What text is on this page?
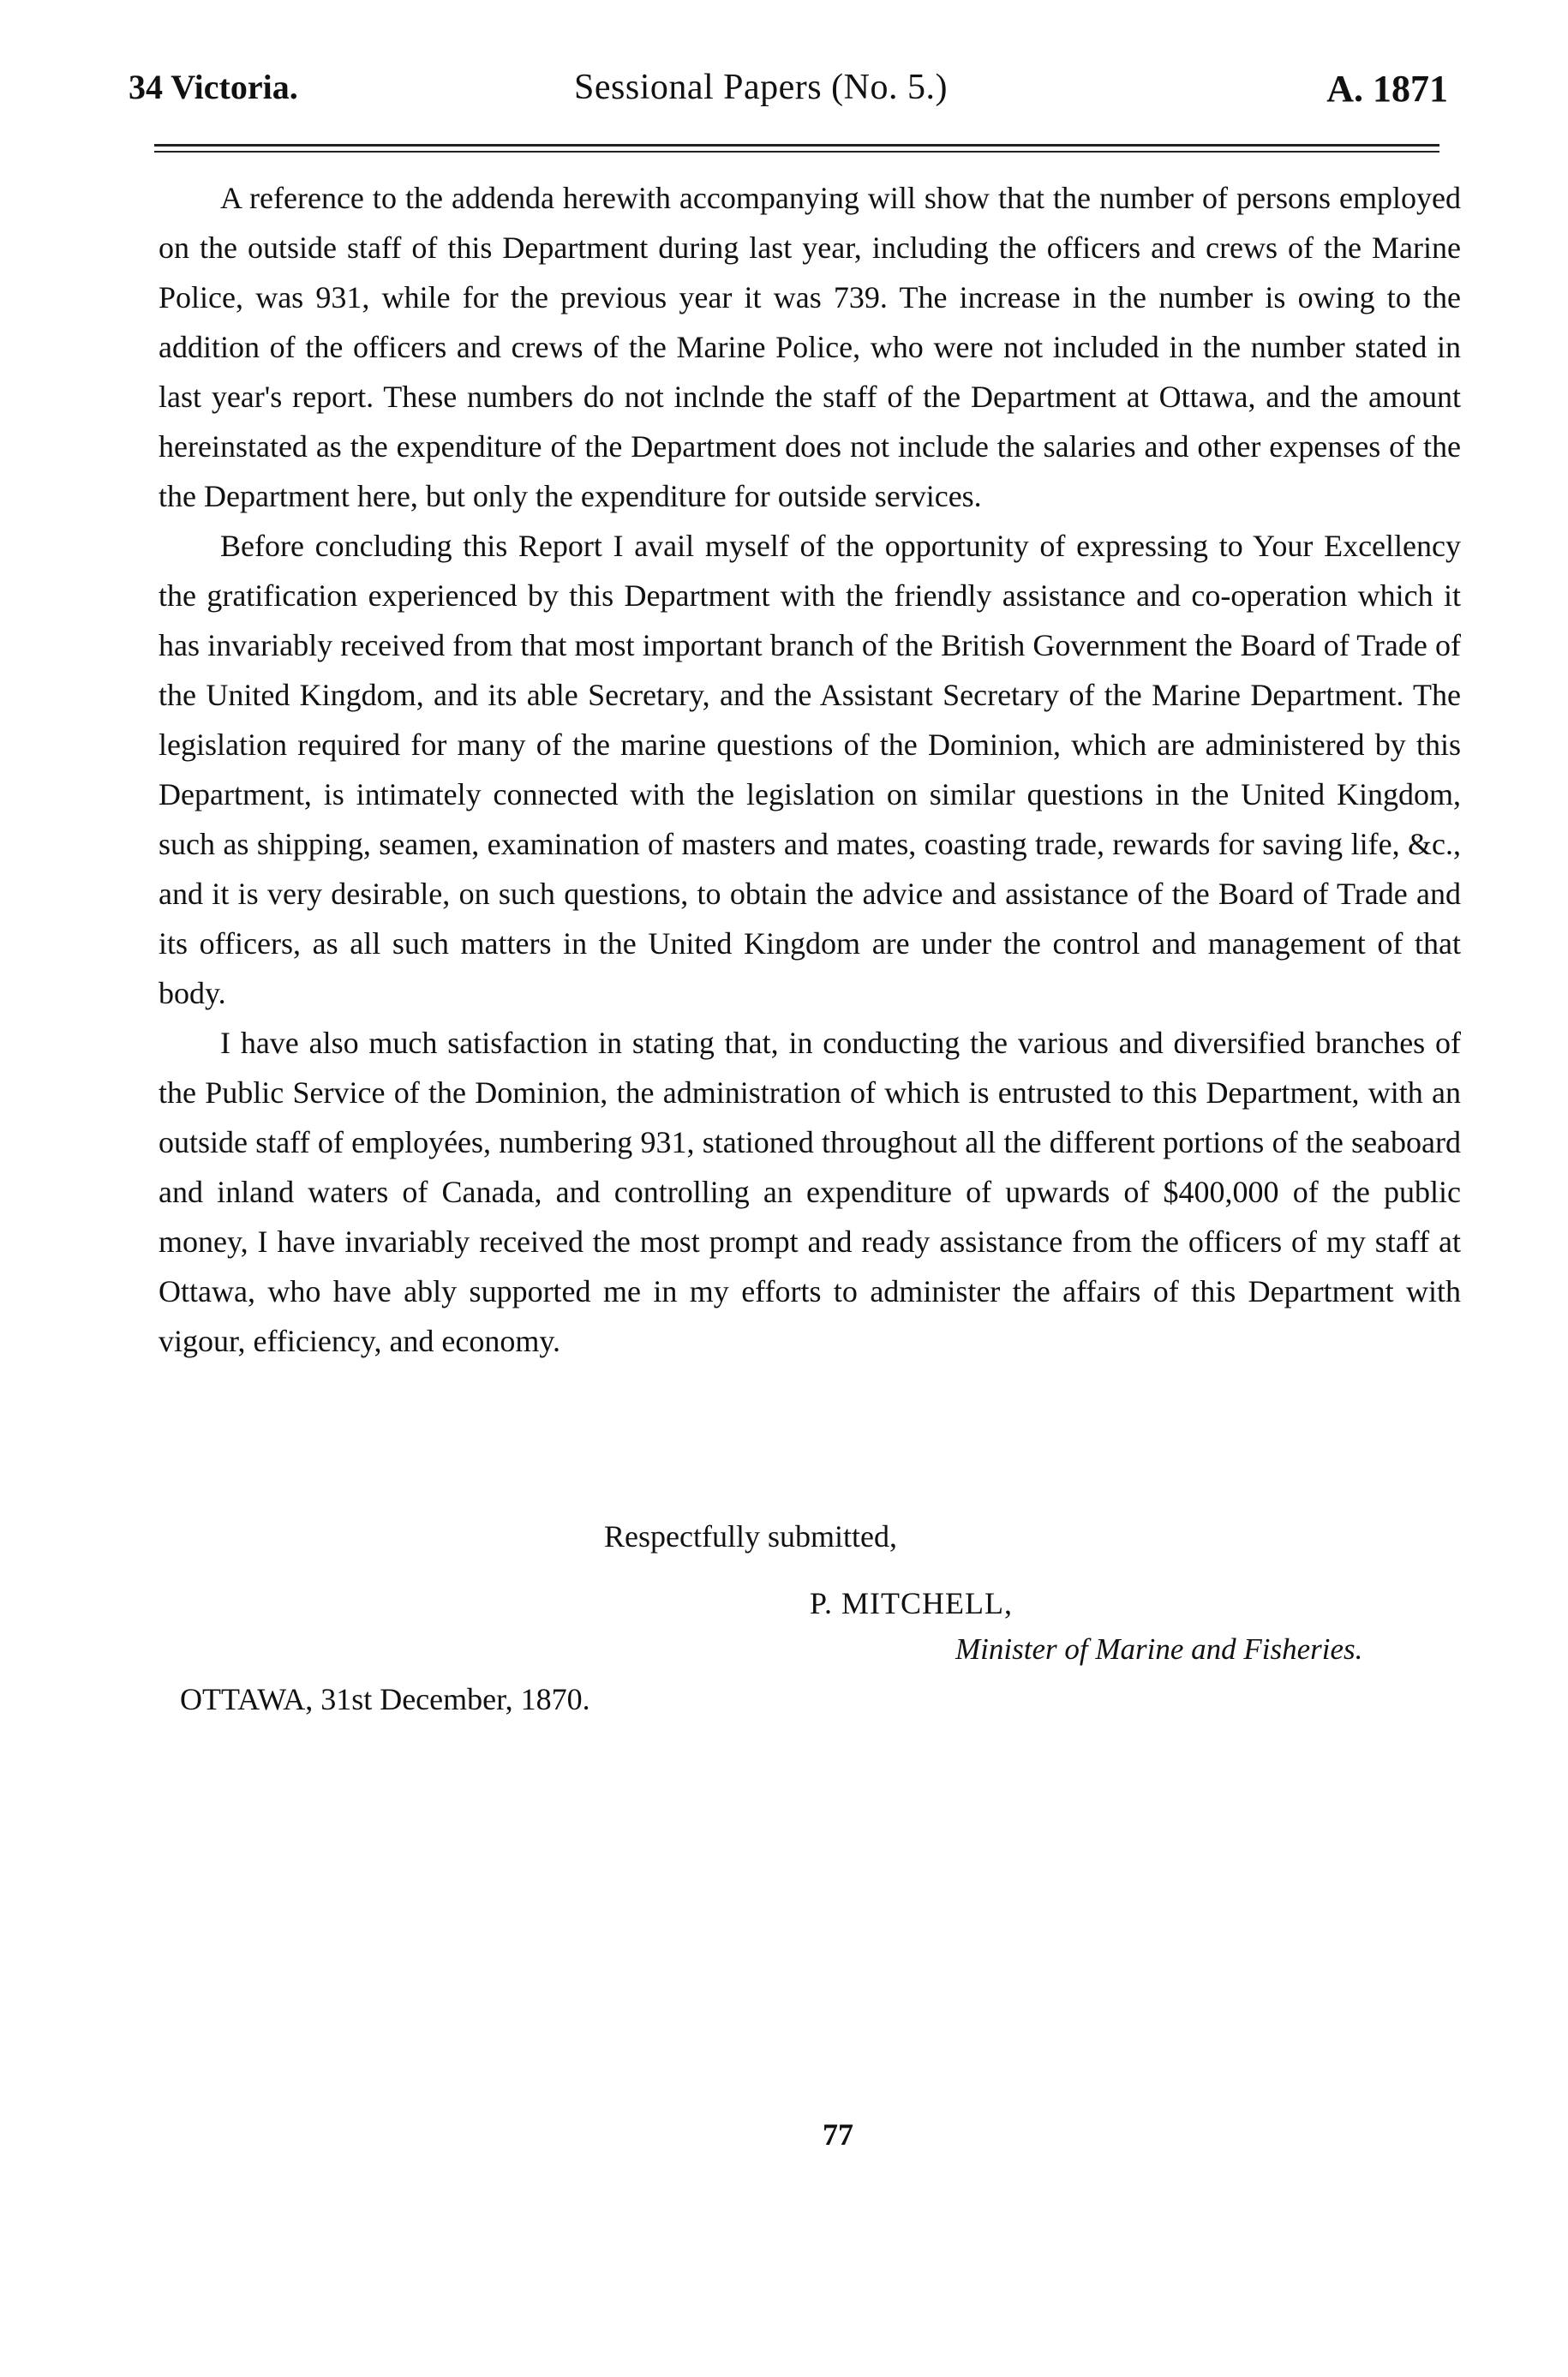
34 Victoria.	Sessional Papers (No. 5.)	A. 1871

A reference to the addenda herewith accompanying will show that the number of persons employed on the outside staff of this Department during last year, including the officers and crews of the Marine Police, was 931, while for the previous year it was 739. The increase in the number is owing to the addition of the officers and crews of the Marine Police, who were not included in the number stated in last year's report. These numbers do not inclnde the staff of the Department at Ottawa, and the amount hereinstated as the expenditure of the Department does not include the salaries and other expenses of the the Department here, but only the expenditure for outside services.

Before concluding this Report I avail myself of the opportunity of expressing to Your Excellency the gratification experienced by this Department with the friendly assistance and co-operation which it has invariably received from that most important branch of the British Government the Board of Trade of the United Kingdom, and its able Secretary, and the Assistant Secretary of the Marine Department. The legislation required for many of the marine questions of the Dominion, which are administered by this Department, is intimately connected with the legislation on similar questions in the United Kingdom, such as shipping, seamen, examination of masters and mates, coasting trade, rewards for saving life, &c., and it is very desirable, on such questions, to obtain the advice and assistance of the Board of Trade and its officers, as all such matters in the United Kingdom are under the control and management of that body.

I have also much satisfaction in stating that, in conducting the various and diversified branches of the Public Service of the Dominion, the administration of which is entrusted to this Department, with an outside staff of employées, numbering 931, stationed throughout all the different portions of the seaboard and inland waters of Canada, and controlling an expenditure of upwards of $400,000 of the public money, I have invariably received the most prompt and ready assistance from the officers of my staff at Ottawa, who have ably supported me in my efforts to administer the affairs of this Department with vigour, efficiency, and economy.

Respectfully submitted,
P. MITCHELL,
Minister of Marine and Fisheries.
OTTAWA, 31st December, 1870.
77
